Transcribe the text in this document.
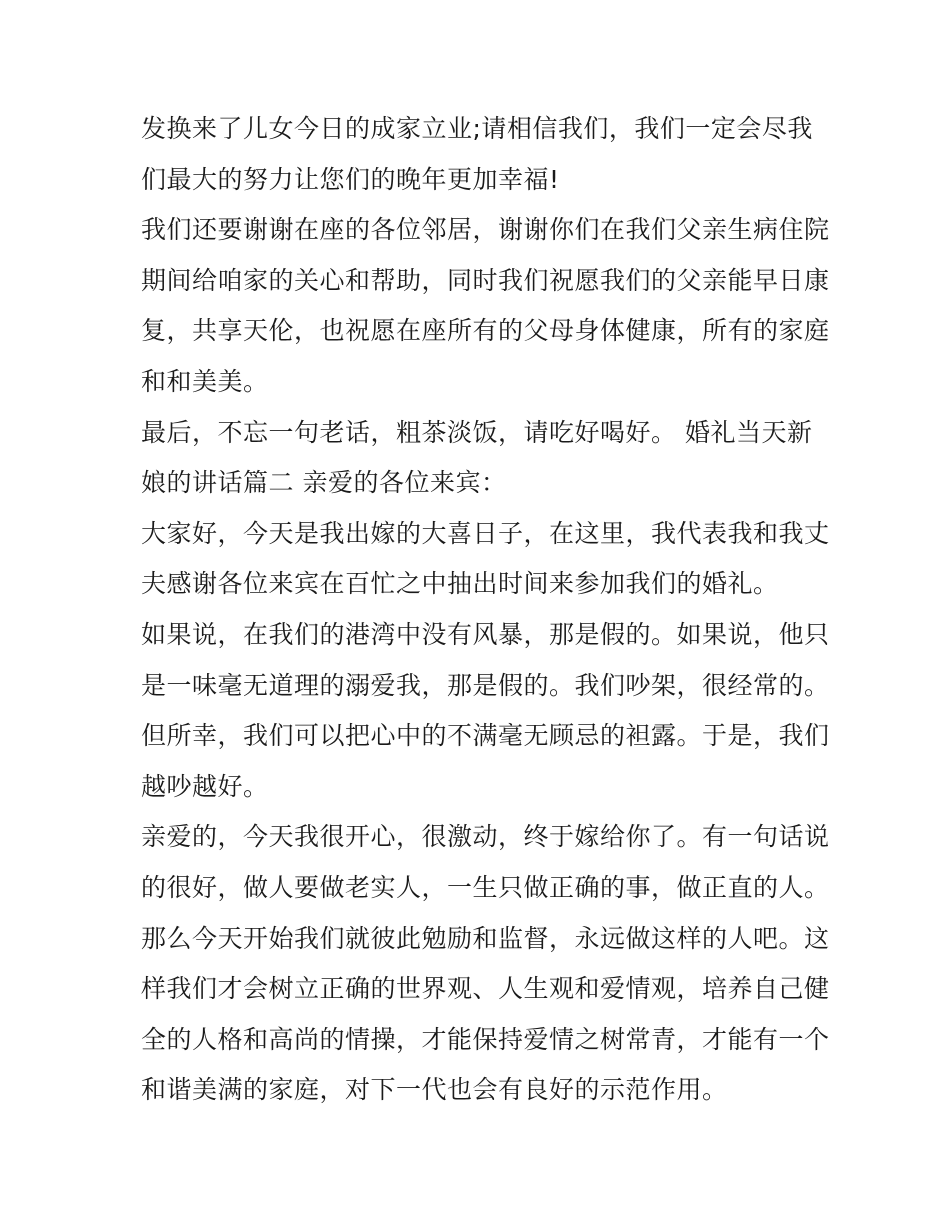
发换来了儿女今日的成家立业;请相信我们，我们一定会尽我
们最大的努力让您们的晚年更加幸福!
我们还要谢谢在座的各位邻居，谢谢你们在我们父亲生病住院
期间给咱家的关心和帮助，同时我们祝愿我们的父亲能早日康
复，共享天伦，也祝愿在座所有的父母身体健康，所有的家庭
和和美美。
最后，不忘一句老话，粗茶淡饭，请吃好喝好。 婚礼当天新
娘的讲话篇二 亲爱的各位来宾：
大家好，今天是我出嫁的大喜日子，在这里，我代表我和我丈
夫感谢各位来宾在百忙之中抽出时间来参加我们的婚礼。
如果说，在我们的港湾中没有风暴，那是假的。如果说，他只
是一味毫无道理的溺爱我，那是假的。我们吵架，很经常的。
但所幸，我们可以把心中的不满毫无顾忌的袒露。于是，我们
越吵越好。
亲爱的，今天我很开心，很激动，终于嫁给你了。有一句话说
的很好，做人要做老实人，一生只做正确的事，做正直的人。
那么今天开始我们就彼此勉励和监督，永远做这样的人吧。这
样我们才会树立正确的世界观、人生观和爱情观，培养自己健
全的人格和高尚的情操，才能保持爱情之树常青，才能有一个
和谐美满的家庭，对下一代也会有良好的示范作用。
